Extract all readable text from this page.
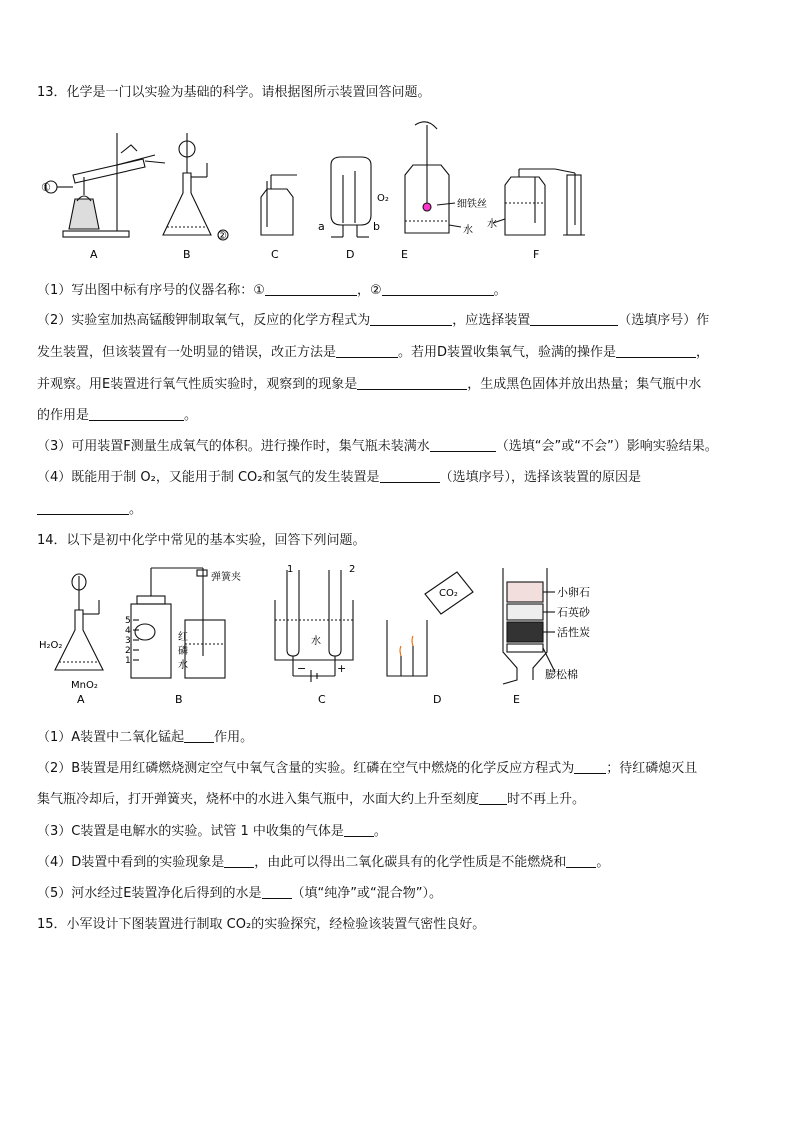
13．化学是一门以实验为基础的科学。请根据图所示装置回答问题。
①
②
a	b
O₂
细铁丝
水
水
A	B	C	D	E	F
（1）写出图中标有序号的仪器名称：①	，②	。
（2）实验室加热高锰酸钾制取氧气，反应的化学方程式为	，应选择装置	（选填序号）作
发生装置，但该装置有一处明显的错误，改正方法是	。若用D装置收集氧气，验满的操作是	，
并观察。用E装置进行氧气性质实验时，观察到的现象是	，生成黑色固体并放出热量；集气瓶中水
的作用是	。
（3）可用装置F测量生成氧气的体积。进行操作时，集气瓶未装满水	（选填“会”或“不会”）影响实验结果。
（4）既能用于制 O₂，又能用于制 CO₂和氢气的发生装置是	（选填序号），选择该装置的原因是
。
14．以下是初中化学中常见的基本实验，回答下列问题。
H₂O₂
MnO₂
弹簧夹
红
磷
水
5
4
3
2
1
1	2
水
−	+
CO₂	小卵石
石英砂
活性炭
膨松棉
A	B	C	D	E
（1）A装置中二氧化锰起 作用。
（2）B装置是用红磷燃烧测定空气中氧气含量的实验。红磷在空气中燃烧的化学反应方程式为 ；待红磷熄灭且
集气瓶冷却后，打开弹簧夹，烧杯中的水进入集气瓶中，水面大约上升至刻度 时不再上升。
（3）C装置是电解水的实验。试管 1 中收集的气体是 。
（4）D装置中看到的实验现象是 ，由此可以得出二氧化碳具有的化学性质是不能燃烧和 。
（5）河水经过E装置净化后得到的水是 （填“纯净”或“混合物”）。
15．小军设计下图装置进行制取 CO₂的实验探究，经检验该装置气密性良好。
